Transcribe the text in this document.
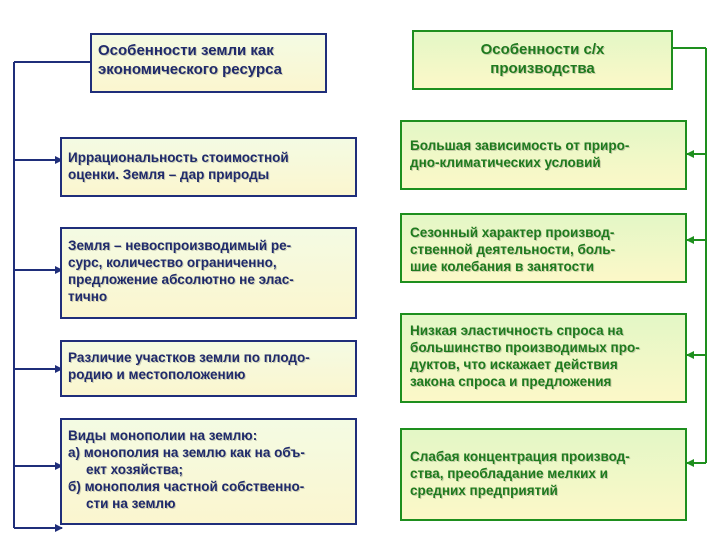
Особенности земли как
экономического ресурса
Иррациональность стоимостной
оценки. Земля – дар природы
Земля – невоспроизводимый ре-
сурс, количество ограниченно,
предложение абсолютно не элас-
тично
Различие участков земли по плодо-
родию и местоположению
Виды монополии на землю:
а) монополия на землю как на объ-
ект хозяйства;
б) монополия частной собственно-
сти на землю
Особенности с/х
производства
Большая зависимость от приро-
дно-климатических условий
Сезонный характер производ-
ственной деятельности, боль-
шие колебания в занятости
Низкая эластичность спроса на
большинство производимых про-
дуктов, что искажает действия
закона спроса и предложения
Слабая концентрация производ-
ства, преобладание мелких и
средних предприятий
